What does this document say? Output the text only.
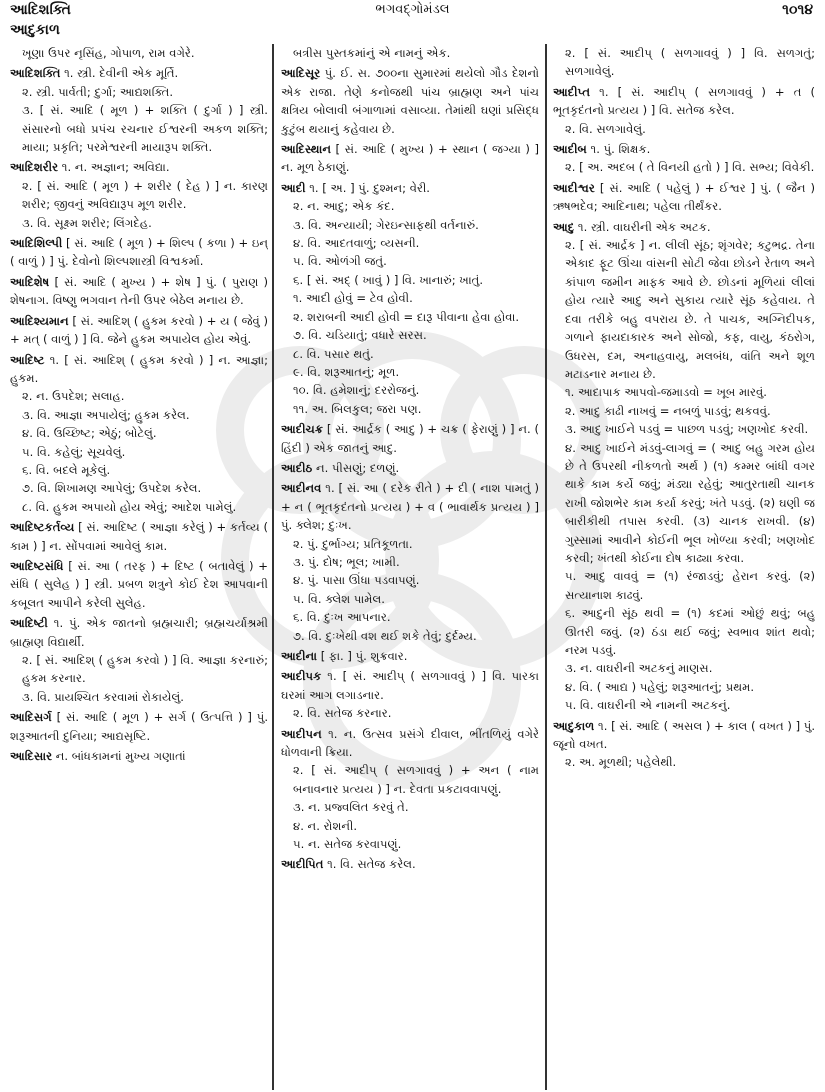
આદિશક્તિ
આદુકાળ
ભગવદ્ગોમંડલ	૧૦૧૪
ખૂણા ઉપર નૃસિંહ, ગોપાળ, રામ વગેરે.
આદિશક્તિ ૧. સ્ત્રી. દેવીની એક મૂર્તિ.
૨. સ્ત્રી. પાર્વતી; દુર્ગા; આદ્યશક્તિ.
૩. [ સં. આદિ ( મૂળ ) + શક્તિ ( દુર્ગા ) ] સ્ત્રી. સંસારનો બધો પ્રપંચ રચનાર ઈશ્વરની અકળ શક્તિ; માયા; પ્રકૃતિ; પરમેશ્વરની માયારૂપ શક્તિ.
આદિશરીર ૧. ન. અજ્ઞાન; અવિદ્યા.
૨. [ સં. આદિ ( મૂળ ) + શરીર ( દેહ ) ] ન. કારણ શરીર; જીવનું અવિદ્યારૂપ મૂળ શરીર.
૩. વિ. સૂક્ષ્મ શરીર; લિંગદેહ.
આદિશિલ્પી [ સં. આદિ ( મૂળ ) + શિલ્પ ( કળા ) + ઇન્ ( વાળું ) ] પું. દેવોનો શિલ્પશાસ્ત્રી વિશ્વકર્મા.
આદિશેષ [ સં. આદિ ( મુખ્ય ) + શેષ ] પું. ( પુરાણ ) શેષનાગ. વિષ્ણુ ભગવાન તેની ઉપર બેઠેલ મનાય છે.
આદિશ્યમાન [ સં. આદિશ્ ( હુકમ કરવો ) + ય ( જેવું ) + મત્ ( વાળું ) ] વિ. જેને હુકમ અપાયેલ હોય એવું.
આદિષ્ટ ૧. [ સં. આદિશ્ ( હુકમ કરવો ) ] ન. આજ્ઞા; હુકમ.
૨. ન. ઉપદેશ; સલાહ.
૩. વિ. આજ્ઞા અપાયેલું; હુકમ કરેલ.
૪. વિ. ઉચ્છિષ્ટ; એઠું; બોટેલું.
૫. વિ. કહેલું; સૂચવેલું.
૬. વિ. બદલે મૂકેલું.
૭. વિ. શિખામણ આપેલું; ઉપદેશ કરેલ.
૮. વિ. હુકમ અપાયો હોય એવું; આદેશ પામેલું.
આદિષ્ટકર્તવ્ય [ સં. આદિષ્ટ ( આજ્ઞા કરેલું ) + કર્તવ્ય ( કામ ) ] ન. સોંપવામાં આવેલું કામ.
આદિષ્ટસંધિ [ સં. આ ( તરફ ) + દિષ્ટ ( બતાવેલું ) + સંધિ ( સુલેહ ) ] સ્ત્રી. પ્રબળ શત્રુને કોઈ દેશ આપવાની કબૂલત આપીને કરેલી સુલેહ.
આદિષ્ટી ૧. પું. એક જાતનો બ્રહ્મચારી; બ્રહ્મચર્યાશ્રમી બ્રાહ્મણ વિદ્યાર્થી.
૨. [ સં. આદિશ્ ( હુકમ કરવો ) ] વિ. આજ્ઞા કરનારું; હુકમ કરનાર.
૩. વિ. પ્રાયશ્ચિત કરવામાં રોકાયેલું.
આદિસર્ગ [ સં. આદિ ( મૂળ ) + સર્ગ ( ઉત્પત્તિ ) ] પું. શરૂઆતની દુનિયા; આદ્યસૃષ્ટિ.
આદિસાર ન. બાંધકામનાં મુખ્ય ગણાતાં
બત્રીસ પુસ્તકમાંનું એ નામનું એક.
આદિસૂર પું. ઈ. સ. ૭૦૦ના સુમારમાં થયેલો ગૌડ દેશનો એક રાજા. તેણે કનોજથી પાંચ બ્રાહ્મણ અને પાંચ ક્ષત્રિય બોલાવી બંગાળામાં વસાવ્યા. તેમાંથી ઘણાં પ્રસિદ્ધ કુટુંબ થયાનું કહેવાય છે.
આદિસ્થાન [ સં. આદિ ( મુખ્ય ) + સ્થાન ( જગ્યા ) ] ન. મૂળ ઠેકાણું.
આદી ૧. [ અ. ] પું. દુશ્મન; વેરી.
૨. ન. આદુ; એક કંદ.
૩. વિ. અન્યાયી; ગેરઇન્સાફથી વર્તનારું.
૪. વિ. આદતવાળું; વ્યસની.
૫. વિ. ઓળંગી જતું.
૬. [ સં. અદ્ ( ખાવું ) ] વિ. ખાનારું; ખાતું.
૧. આદી હોવું = ટેવ હોવી.
૨. શરાબની આદી હોવી = દારૂ પીવાના હેવા હોવા.
૭. વિ. ચડિયાતું; વધારે સરસ.
૮. વિ. પસાર થતું.
૯. વિ. શરૂઆતનું; મૂળ.
૧૦. વિ. હમેશાનું; દરરોજનું.
૧૧. અ. બિલકુલ; જરા પણ.
આદીચક્ર [ સં. આર્દ્રક ( આદુ ) + ચક્ર ( ફેરાણું ) ] ન. ( હિંદી ) એક જાતનું આદુ.
આદીઠ ન. પીસણું; દળણું.
આદીનવ ૧. [ સં. આ ( દરેક રીતે ) + દી ( નાશ પામતું ) + ન ( ભૂતકૃદંતનો પ્રત્યય ) + વ ( ભાવાર્થક પ્રત્યય ) ] પું. ક્લેશ; દુઃખ.
૨. પું. દુર્ભાગ્ય; પ્રતિકૂળતા.
૩. પું. દોષ; ભૂલ; ખામી.
૪. પું. પાસા ઊંધા પડવાપણું.
૫. વિ. ક્લેશ પામેલ.
૬. વિ. દુઃખ આપનાર.
૭. વિ. દુઃખેથી વશ થઈ શકે તેવું; દુર્દમ્ય.
આદીના [ ફા. ] પું. શુક્રવાર.
આદીપક ૧. [ સં. આદીપ્ ( સળગાવવું ) ] વિ. પારકા ઘરમાં આગ લગાડનાર.
૨. વિ. સતેજ કરનાર.
આદીપન ૧. ન. ઉત્સવ પ્રસંગે દીવાલ, ભીંતળિયું વગેરે ધોળવાની ક્રિયા.
૨. [ સં. આદીપ્ ( સળગાવવું ) + અન ( નામ બનાવનાર પ્રત્યય ) ] ન. દેવતા પ્રકટાવવાપણું.
૩. ન. પ્રજ્વલિત કરવું તે.
૪. ન. રોશની.
૫. ન. સતેજ કરવાપણું.
આદીપિત ૧. વિ. સતેજ કરેલ.
૨. [ સં. આદીપ્ ( સળગાવવું ) ] વિ. સળગતું; સળગાવેલું.
આદીપ્ત ૧. [ સં. આદીપ્ ( સળગાવવું ) + ત ( ભૂતકૃદંતનો પ્રત્યય ) ] વિ. સતેજ કરેલ.
૨. વિ. સળગાવેલું.
આદીબ ૧. પું. શિક્ષક.
૨. [ અ. અદબ ( તે વિનયી હતો ) ] વિ. સભ્ય; વિવેકી.
આદીશ્વર [ સં. આદિ ( પહેલું ) + ઈશ્વર ] પું. ( જૈન ) ઋષભદેવ; આદિનાથ; પહેલા તીર્થંકર.
આદુ ૧. સ્ત્રી. વાઘરીની એક અટક.
૨. [ સં. આર્દ્રક ] ન. લીલી સૂંઠ; શૃંગવેર; કટુભદ્ર. તેના એકાદ ફૂટ ઊંચા વાંસની સોટી જેવા છોડને રેતાળ અને કાંપાળ જમીન માફક આવે છે. છોડનાં મૂળિયાં લીલાં હોય ત્યારે આદુ અને સુકાય ત્યારે સૂંઠ કહેવાય. તે દવા તરીકે બહુ વપરાય છે. તે પાચક, અગ્નિદીપક, ગળાને ફાયદાકારક અને સોજો, કફ, વાયુ, કંઠરોગ, ઉધરસ, દમ, અનાહવાયુ, મલબંધ, વાંતિ અને શૂળ મટાડનાર મનાય છે.
૧. આદાપાક આપવો-જમાડવો = ખૂબ મારવું.
૨. આદુ કાઢી નાખવું = નબળું પાડવું; થકવવું.
૩. આદુ ખાઈને પડવું = પાછળ પડવું; ખણખોદ કરવી.
૪. આદુ ખાઈને મંડવું-લાગવું = ( આદુ બહુ ગરમ હોય છે તે ઉપરથી નીકળતો અર્થ ) (૧) કમ્મર બાંધી વગર થાકે કામ કર્યે જવું; મંડ્યા રહેવું; આતુરતાથી ચાનક રાખી જોશભેર કામ કર્યા કરવું; ખંતે પડવું. (૨) ઘણી જ બારીકીથી તપાસ કરવી. (૩) ચાનક રાખવી. (૪) ગુસ્સામાં આવીને કોઈની ભૂલ ખોળ્યા કરવી; ખણખોદ કરવી; ખંતથી કોઈના દોષ કાઢ્યા કરવા.
૫. આદુ વાવવું = (૧) રંજાડવું; હેરાન કરવું. (૨) સત્યાનાશ કાઢવું.
૬. આદુની સૂંઠ થવી = (૧) કદમાં ઓછું થવું; બહુ ઊતરી જવું. (૨) ઠંડા થઈ જવું; સ્વભાવ શાંત થવો; નરમ પડવું.
૩. ન. વાઘરીની અટકનું માણસ.
૪. વિ. ( આદ્ય ) પહેલું; શરૂઆતનું; પ્રથમ.
૫. વિ. વાઘરીની એ નામની અટકનું.
આદુકાળ ૧. [ સં. આદિ ( અસલ ) + કાલ ( વખત ) ] પું. જૂનો વખત.
૨. અ. મૂળથી; પહેલેથી.
